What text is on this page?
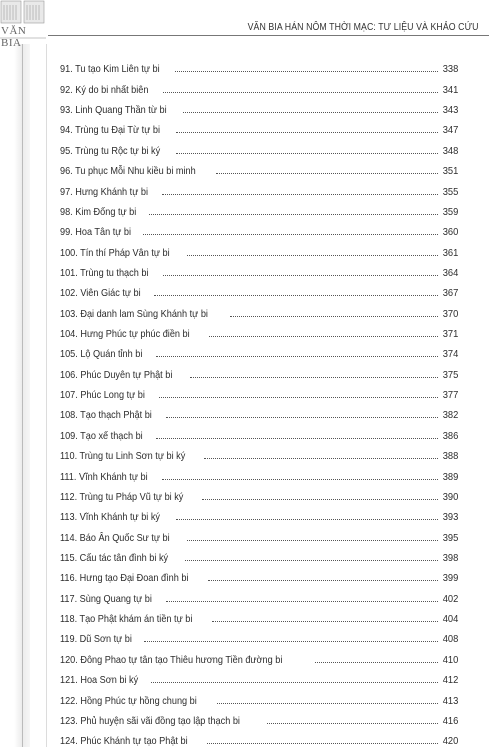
VĂN BIA
VĂN BIA HÁN NÔM THỜI MẠC: TƯ LIỆU VÀ KHẢO CỨU
91. Tu tạo Kim Liên tự bi	338
92. Ký do bi nhất biên	341
93. Linh Quang Thần từ bi	343
94. Trùng tu Đại Từ tự bi	347
95. Trùng tu Rộc tự bi ký	348
96. Tu phục Mỗi Nhu kiều bi minh	351
97. Hưng Khánh tự bi	355
98. Kim Đống tự bi	359
99. Hoa Tân tự bi	360
100. Tín thí Pháp Vân tự bi	361
101. Trùng tu thạch bi	364
102. Viên Giác tự bi	367
103. Đại danh lam Sùng Khánh tự bi	370
104. Hưng Phúc tự phúc điền bi	371
105. Lộ Quán tỉnh bi	374
106. Phúc Duyên tự Phật bi	375
107. Phúc Long tự bi	377
108. Tạo thạch Phật bi	382
109. Tạo xế thạch bi	386
110. Trùng tu Linh Sơn tự bi ký	388
111. Vĩnh Khánh tự bi	389
112. Trùng tu Pháp Vũ tự bi ký	390
113. Vĩnh Khánh tự bi ký	393
114. Báo Ân Quốc Sư tự bi	395
115. Cấu tác tân đình bi ký	398
116. Hưng tạo Đại Đoan đình bi	399
117. Sùng Quang tự bi	402
118. Tạo Phật khám án tiền tự bi	404
119. Dũ Sơn tự bi	408
120. Đông Phao tự tân tạo Thiêu hương Tiền đường bi	410
121. Hoa Sơn bi ký	412
122. Hồng Phúc tự hồng chung bi	413
123. Phủ huyện sãi vãi đồng tạo lập thạch bi	416
124. Phúc Khánh tự tạo Phật bi	420
